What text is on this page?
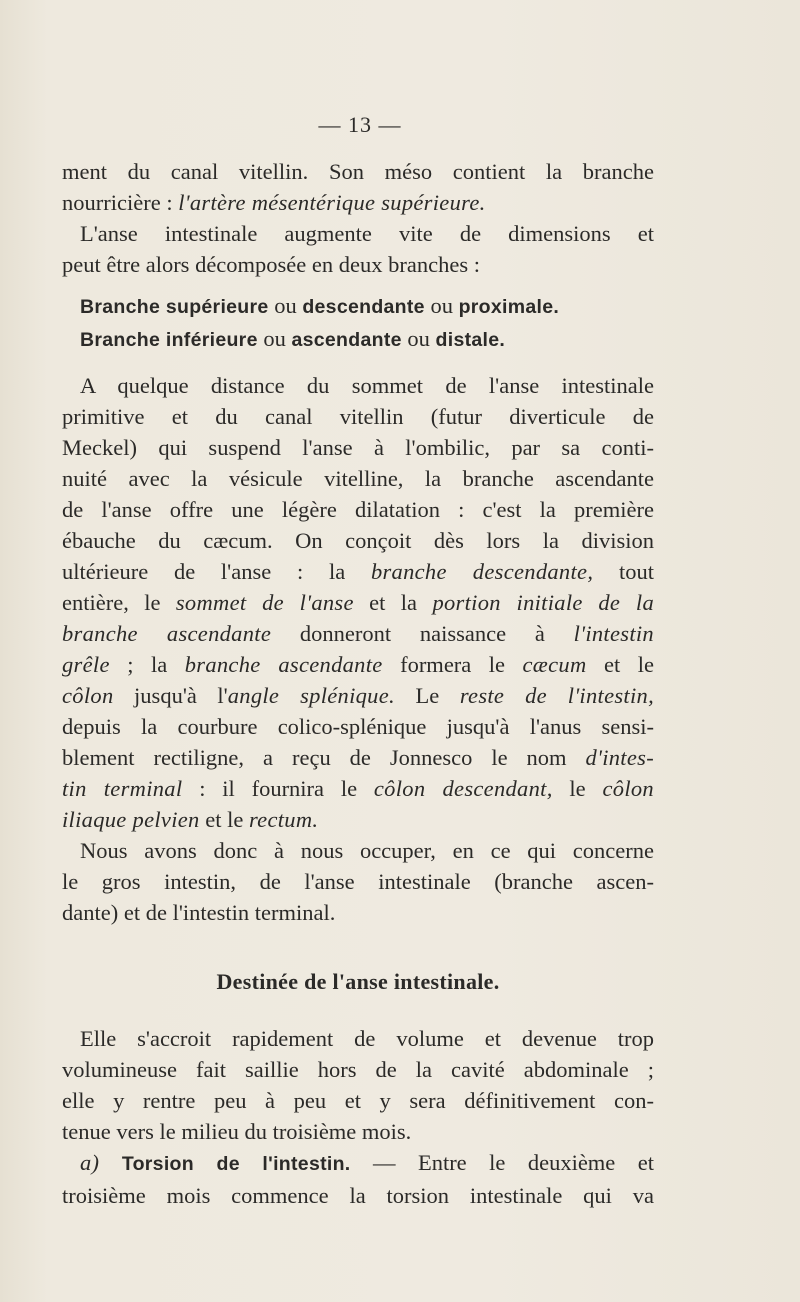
— 13 —

ment du canal vitellin. Son méso contient la branche
nourricière : l'artère mésentérique supérieure.

L'anse intestinale augmente vite de dimensions et
peut être alors décomposée en deux branches :

Branche supérieure ou descendante ou proximale.
Branche inférieure ou ascendante ou distale.

A quelque distance du sommet de l'anse intestinale
primitive et du canal vitellin (futur diverticule de
Meckel) qui suspend l'anse à l'ombilic, par sa conti-
nuité avec la vésicule vitelline, la branche ascendante
de l'anse offre une légère dilatation : c'est la première
ébauche du cæcum. On conçoit dès lors la division
ultérieure de l'anse : la branche descendante, tout
entière, le sommet de l'anse et la portion initiale de la
branche ascendante donneront naissance à l'intestin
grêle ; la branche ascendante formera le cæcum et le
côlon jusqu'à l'angle splénique. Le reste de l'intestin,
depuis la courbure colico-splénique jusqu'à l'anus sensi-
blement rectiligne, a reçu de Jonnesco le nom d'intes-
tin terminal : il fournira le côlon descendant, le côlon
iliaque pelvien et le rectum.

Nous avons donc à nous occuper, en ce qui concerne
le gros intestin, de l'anse intestinale (branche ascen-
dante) et de l'intestin terminal.

Destinée de l'anse intestinale.

Elle s'accroit rapidement de volume et devenue trop
volumineuse fait saillie hors de la cavité abdominale ;
elle y rentre peu à peu et y sera définitivement con-
tenue vers le milieu du troisième mois.

a) Torsion de l'intestin. — Entre le deuxième et
troisième mois commence la torsion intestinale qui va
